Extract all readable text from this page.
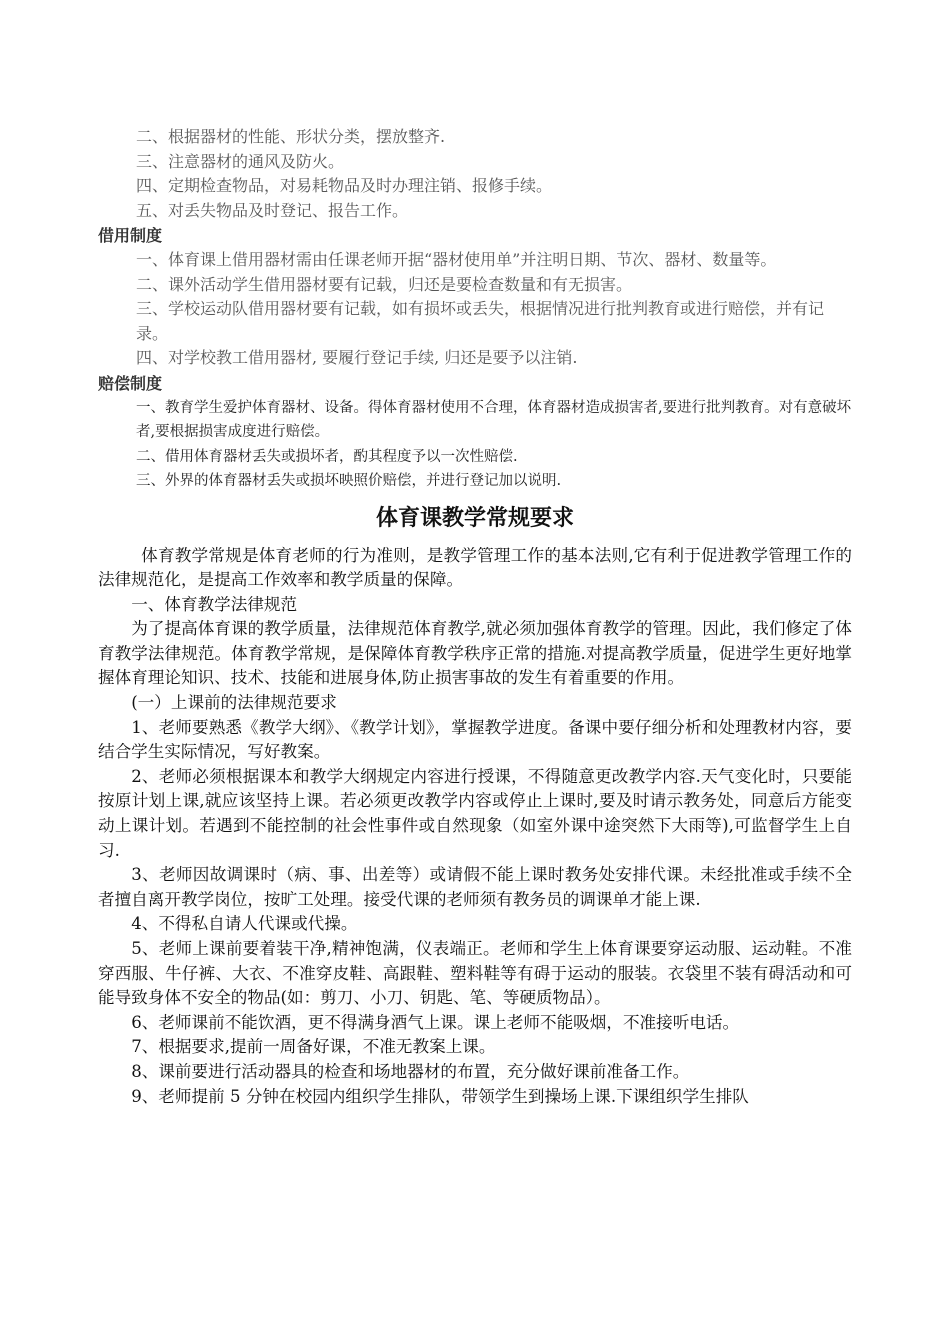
二、根据器材的性能、形状分类，摆放整齐.

三、注意器材的通风及防火。

四、定期检查物品，对易耗物品及时办理注销、报修手续。

五、对丢失物品及时登记、报告工作。

借用制度

一、体育课上借用器材需由任课老师开据“器材使用单”并注明日期、节次、器材、数量等。

二、课外活动学生借用器材要有记载，归还是要检查数量和有无损害。

三、学校运动队借用器材要有记载，如有损坏或丢失，根据情况进行批判教育或进行赔偿，并有记录。

四、对学校教工借用器材, 要履行登记手续, 归还是要予以注销.

赔偿制度

一、教育学生爱护体育器材、设备。得体育器材使用不合理，体育器材造成损害者,要进行批判教育。对有意破坏者,要根据损害成度进行赔偿。

二、借用体育器材丢失或损坏者，酌其程度予以一次性赔偿.

三、外界的体育器材丢失或损坏映照价赔偿，并进行登记加以说明.

体育课教学常规要求

体育教学常规是体育老师的行为准则，是教学管理工作的基本法则,它有利于促进教学管理工作的法律规范化，是提高工作效率和教学质量的保障。

一、体育教学法律规范

为了提高体育课的教学质量，法律规范体育教学,就必须加强体育教学的管理。因此，我们修定了体育教学法律规范。体育教学常规，是保障体育教学秩序正常的措施.对提高教学质量，促进学生更好地掌握体育理论知识、技术、技能和进展身体,防止损害事故的发生有着重要的作用。

(一）上课前的法律规范要求

1、老师要熟悉《教学大纲》、《教学计划》，掌握教学进度。备课中要仔细分析和处理教材内容，要结合学生实际情况，写好教案。

2、老师必须根据课本和教学大纲规定内容进行授课，不得随意更改教学内容.天气变化时，只要能按原计划上课,就应该坚持上课。若必须更改教学内容或停止上课时,要及时请示教务处，同意后方能变动上课计划。若遇到不能控制的社会性事件或自然现象（如室外课中途突然下大雨等),可监督学生上自习.

3、老师因故调课时（病、事、出差等）或请假不能上课时教务处安排代课。未经批准或手续不全者擅自离开教学岗位，按旷工处理。接受代课的老师须有教务员的调课单才能上课.

4、不得私自请人代课或代操。

5、老师上课前要着装干净,精神饱满，仪表端正。老师和学生上体育课要穿运动服、运动鞋。不准穿西服、牛仔裤、大衣、不准穿皮鞋、高跟鞋、塑料鞋等有碍于运动的服装。衣袋里不装有碍活动和可能导致身体不安全的物品(如：剪刀、小刀、钥匙、笔、等硬质物品）。

6、老师课前不能饮酒，更不得满身酒气上课。课上老师不能吸烟，不准接听电话。

7、根据要求,提前一周备好课，不准无教案上课。

8、课前要进行活动器具的检查和场地器材的布置，充分做好课前准备工作。

9、老师提前 5 分钟在校园内组织学生排队，带领学生到操场上课.下课组织学生排队
